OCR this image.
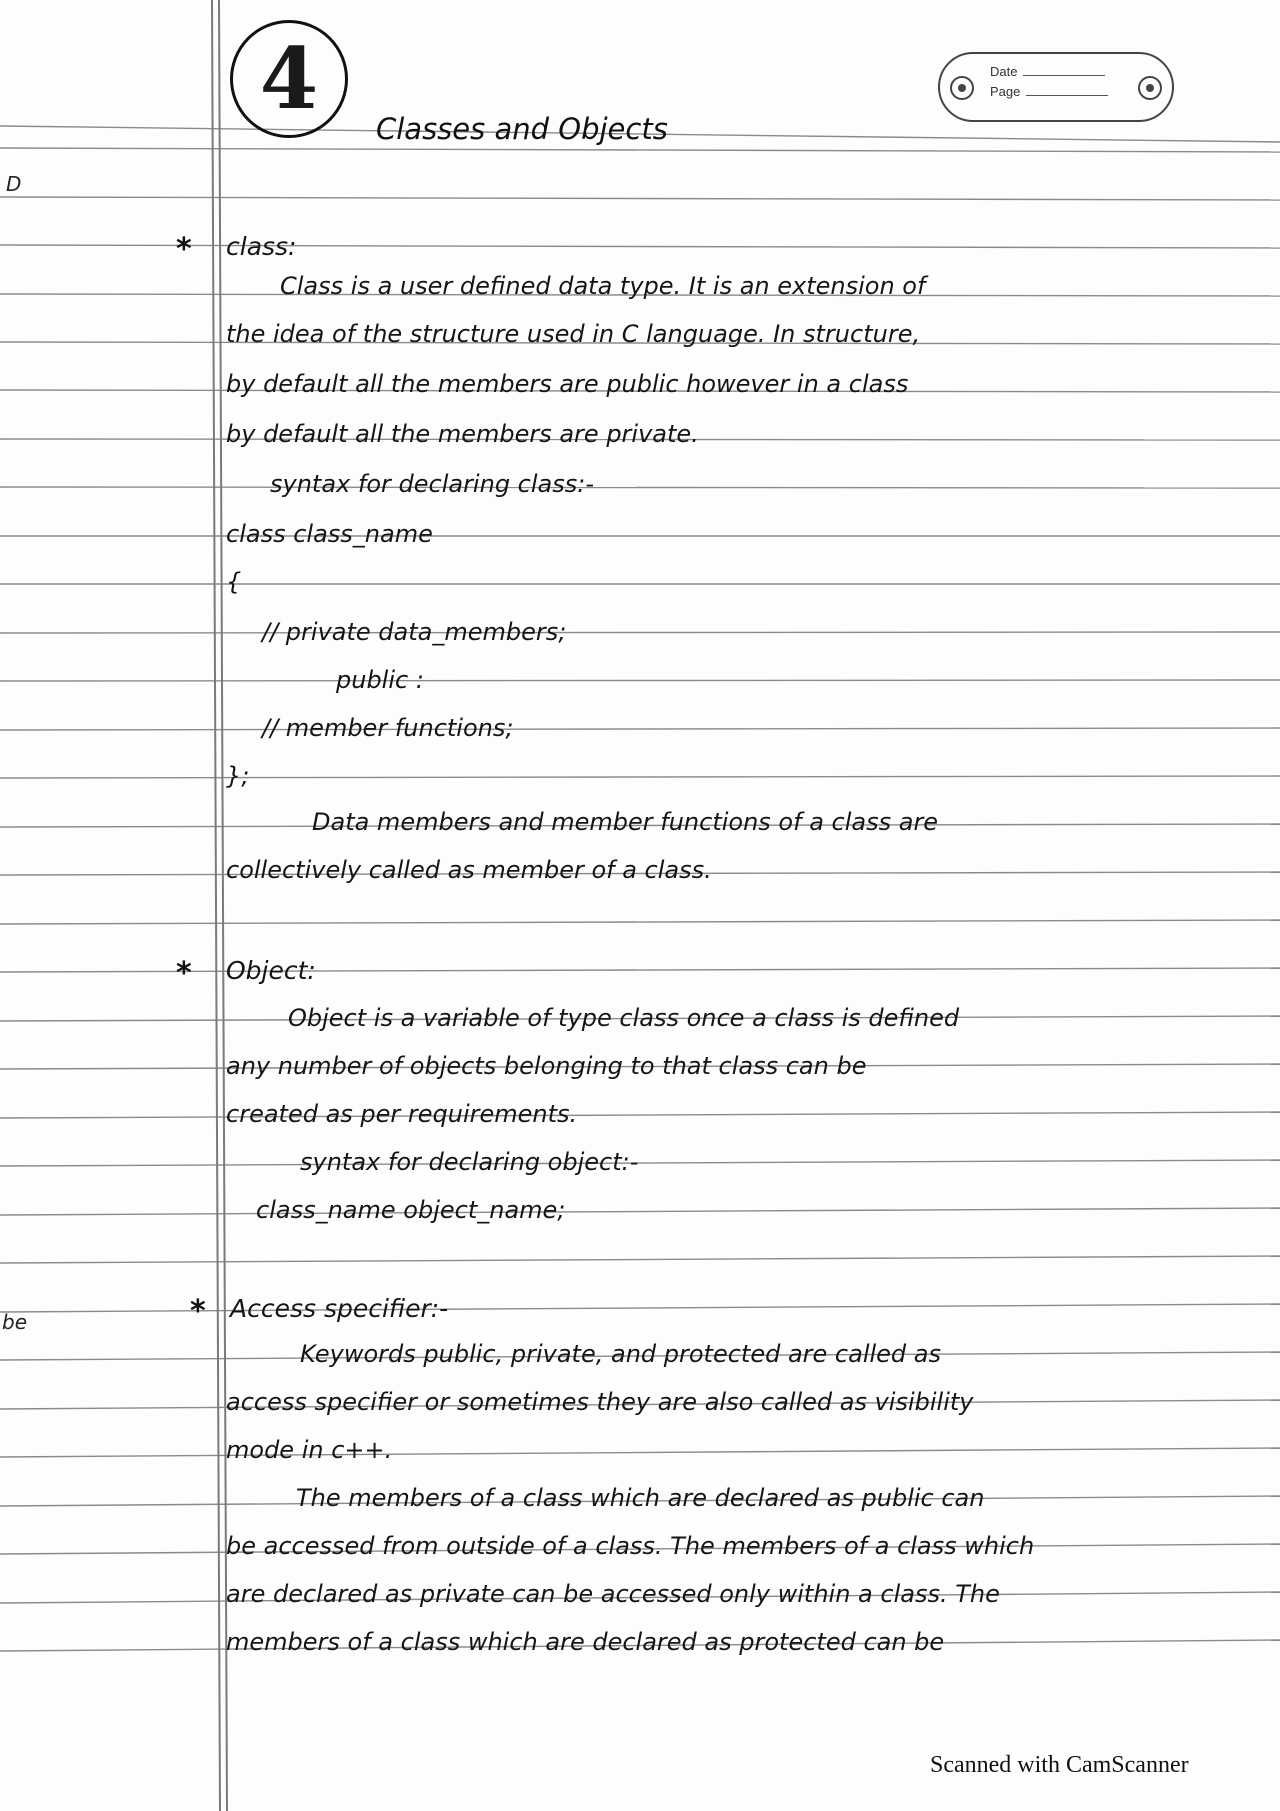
4	Date
Page
Classes and Objects
D
be
* class:
Class is a user defined data type. It is an extension of
the idea of the structure used in C language. In structure,
by default all the members are public however in a class
by default all the members are private.
syntax for declaring class:-
class class_name
{
// private data_members;
public :
// member functions;
};
Data members and member functions of a class are
collectively called as member of a class.
* Object:
Object is a variable of type class once a class is defined
any number of objects belonging to that class can be
created as per requirements.
syntax for declaring object:-
class_name object_name;
* Access specifier:-
Keywords public, private, and protected are called as
access specifier or sometimes they are also called as visibility
mode in c++.
The members of a class which are declared as public can
be accessed from outside of a class. The members of a class which
are declared as private can be accessed only within a class. The
members of a class which are declared as protected can be
Scanned with CamScanner
